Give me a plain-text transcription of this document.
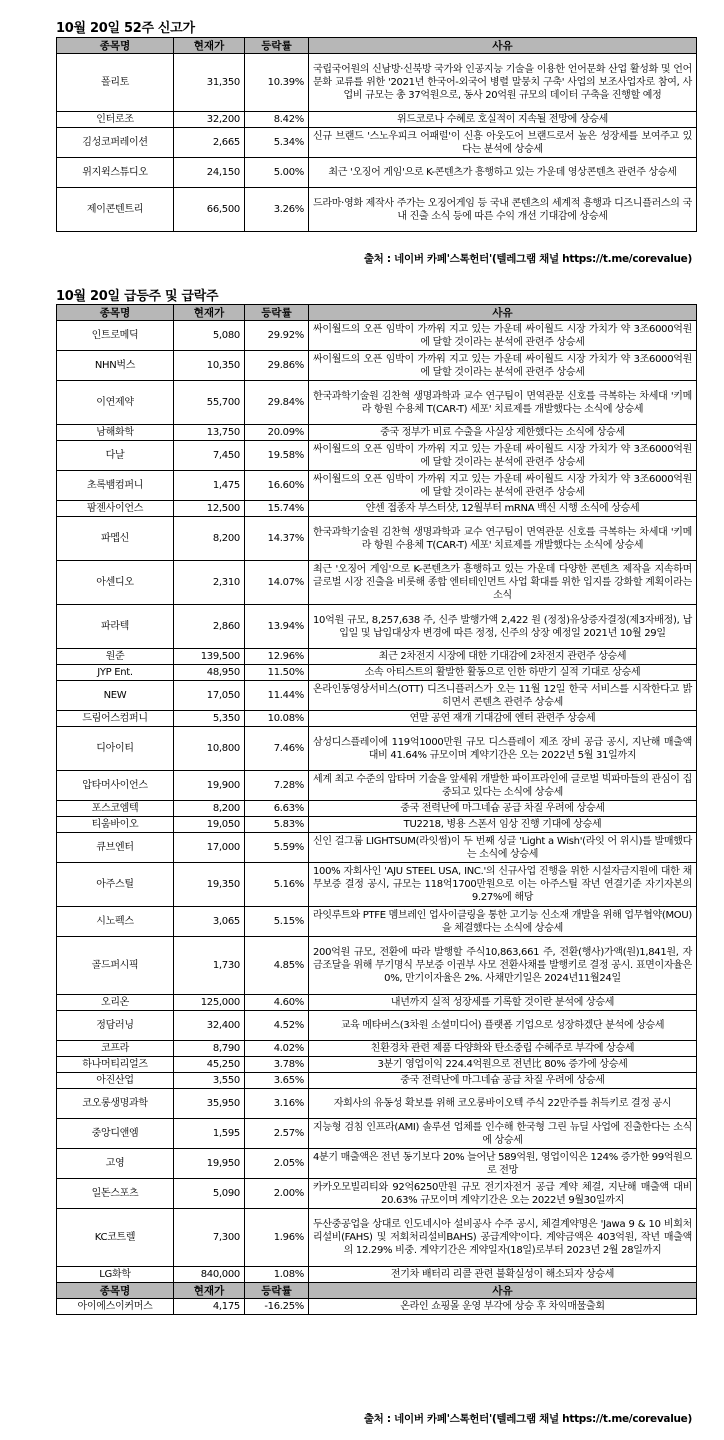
10월 20일 52주 신고가
종목명	현재가	등락률	사유
폴리토	31,350	10.39%	국립국어원의 신남방·신북방 국가와 인공지능 기술을 이용한 언어문화 산업 활성화 및 언어문화 교류를 위한 '2021년 한국어-외국어 병렬 말뭉치 구축' 사업의 보조사업자로 참여, 사업비 규모는 총 37억원으로, 동사 20억원 규모의 데이터 구축을 진행할 예정
인터로조	32,200	8.42%	위드코로나 수혜로 호실적이 지속될 전망에 상승세
김성코퍼레이션	2,665	5.34%	신규 브랜드 '스노우피크 어패럴'이 신흥 아웃도어 브랜드로서 높은 성장세를 보여주고 있다는 분석에 상승세
위지윅스튜디오	24,150	5.00%	최근 '오징어 게임'으로 K-콘텐츠가 흥행하고 있는 가운데 영상콘텐츠 관련주 상승세
제이콘텐트리	66,500	3.26%	드라마·영화 제작사 주가는 오징어게임 등 국내 콘텐츠의 세계적 흥행과 디즈니플러스의 국내 진출 소식 등에 따른 수익 개선 기대감에 상승세
출처 : 네이버 카페'스톡헌터'(텔레그램 채널 https://t.me/corevalue)
10월 20일 급등주 및 급락주
종목명	현재가	등락률	사유
인트로메딕	5,080	29.92%	싸이월드의 오픈 임박이 가까워 지고 있는 가운데 싸이월드 시장 가치가 약 3조6000억원에 달할 것이라는 분석에 관련주 상승세
NHN벅스	10,350	29.86%	싸이월드의 오픈 임박이 가까워 지고 있는 가운데 싸이월드 시장 가치가 약 3조6000억원에 달할 것이라는 분석에 관련주 상승세
이연제약	55,700	29.84%	한국과학기술원 김찬혁 생명과학과 교수 연구팀이 면역관문 신호를 극복하는 차세대 '키메라 항원 수용체 T(CAR-T) 세포' 치료제를 개발했다는 소식에 상승세
남해화학	13,750	20.09%	중국 정부가 비료 수출을 사실상 제한했다는 소식에 상승세
다날	7,450	19.58%	싸이월드의 오픈 임박이 가까워 지고 있는 가운데 싸이월드 시장 가치가 약 3조6000억원에 달할 것이라는 분석에 관련주 상승세
초록뱀컴퍼니	1,475	16.60%	싸이월드의 오픈 임박이 가까워 지고 있는 가운데 싸이월드 시장 가치가 약 3조6000억원에 달할 것이라는 분석에 관련주 상승세
팜젠사이언스	12,500	15.74%	얀센 접종자 부스터샷, 12월부터 mRNA 백신 시행 소식에 상승세
파멥신	8,200	14.37%	한국과학기술원 김찬혁 생명과학과 교수 연구팀이 면역관문 신호를 극복하는 차세대 '키메라 항원 수용체 T(CAR-T) 세포' 치료제를 개발했다는 소식에 상승세
아센디오	2,310	14.07%	최근 '오징어 게임'으로 K-콘텐츠가 흥행하고 있는 가운데 다양한 콘텐츠 제작을 지속하며 글로벌 시장 진출을 비롯해 종합 엔터테인먼트 사업 확대를 위한 입지를 강화할 계획이라는 소식
파라텍	2,860	13.94%	10억원 규모, 8,257,638 주, 신주 발행가액 2,422 원 (정정)유상증자결정(제3자배정), 납입일 및 납입대상자 변경에 따른 정정, 신주의 상장 예정일 2021년 10월 29일
원준	139,500	12.96%	최근 2차전지 시장에 대한 기대감에 2차전지 관련주 상승세
JYP Ent.	48,950	11.50%	소속 아티스트의 활발한 활동으로 인한 하반기 실적 기대로 상승세
NEW	17,050	11.44%	온라인동영상서비스(OTT) 디즈니플러스가 오는 11월 12일 한국 서비스를 시작한다고 밝히면서 콘텐츠 관련주 상승세
드림어스컴퍼니	5,350	10.08%	연말 공연 재개 기대감에 엔터 관련주 상승세
디아이티	10,800	7.46%	삼성디스플레이에 119억1000만원 규모 디스플레이 제조 장비 공급 공시, 지난해 매출액 대비 41.64% 규모이며 계약기간은 오는 2022년 5월 31일까지
압타머사이언스	19,900	7.28%	세계 최고 수준의 압타머 기술을 앞세워 개발한 파이프라인에 글로벌 빅파마들의 관심이 집중되고 있다는 소식에 상승세
포스코엠텍	8,200	6.63%	중국 전력난에 마그네슘 공급 차질 우려에 상승세
티움바이오	19,050	5.83%	TU2218, 병용 스폰서 임상 진행 기대에 상승세
큐브엔터	17,000	5.59%	신인 걸그룹 LIGHTSUM(라잇썸)이 두 번째 싱글 'Light a Wish'(라잇 어 위시)를 발매했다는 소식에 상승세
아주스틸	19,350	5.16%	100% 자회사인 'AJU STEEL USA, INC.'의 신규사업 진행을 위한 시설자금지원에 대한 채무보증 결정 공시, 규모는 118억1700만원으로 이는 아주스틸 작년 연결기준 자기자본의 9.27%에 해당
시노펙스	3,065	5.15%	라잇루트와 PTFE 멤브레인 업사이클링을 통한 고기능 신소재 개발을 위해 업무협약(MOU)을 체결했다는 소식에 상승세
골드퍼시픽	1,730	4.85%	200억원 규모, 전환에 따라 발행할 주식10,863,661 주, 전환(행사)가액(원)1,841원, 자금조달을 위해 무기명식 무보증 이권부 사모 전환사채를 발행키로 결정 공시. 표면이자율은 0%, 만기이자율은 2%. 사채만기일은 2024년11월24일
오리온	125,000	4.60%	내년까지 실적 성장세를 기록할 것이란 분석에 상승세
정담러닝	32,400	4.52%	교육 메타버스(3차원 소셜미디어) 플랫폼 기업으로 성장하겠단 분석에 상승세
코프라	8,790	4.02%	친환경차 관련 제품 다양화와 탄소중립 수혜주로 부각에 상승세
하나머티리얼즈	45,250	3.78%	3분기 영업이익 224.4억원으로 전년比 80% 증가에 상승세
아진산업	3,550	3.65%	중국 전력난에 마그네슘 공급 차질 우려에 상승세
코오롱생명과학	35,950	3.16%	자회사의 유동성 확보를 위해 코오롱바이오텍 주식 22만주를 취득키로 결정 공시
중앙디앤엠	1,595	2.57%	지능형 검침 인프라(AMI) 솔루션 업체를 인수해 한국형 그린 뉴딜 사업에 진출한다는 소식에 상승세
고영	19,950	2.05%	4분기 매출액은 전년 동기보다 20% 늘어난 589억원, 영업이익은 124% 증가한 99억원으로 전망
일돈스포츠	5,090	2.00%	카카오모빌리티와 92억6250만원 규모 전기자전거 공급 계약 체결, 지난해 매출액 대비 20.63% 규모이며 계약기간은 오는 2022년 9월30일까지
KC코트렐	7,300	1.96%	두산중공업을 상대로 인도네시아 설비공사 수주 공시, 체결계약명은 'Jawa 9 & 10 비회처리설비(FAHS) 및 저회처리설비BAHS) 공급계약'이다. 계약금액은 403억원, 작년 매출액의 12.29% 비중. 계약기간은 계약일자(18일)로부터 2023년 2월 28일까지
LG화학	840,000	1.08%	전기차 배터리 리콜 관련 불확실성이 해소되자 상승세
종목명	현재가	등락률	사유
아이에스이커머스	4,175	-16.25%	온라인 쇼핑몰 운영 부각에 상승 후 차익매물출회
출처 : 네이버 카페'스톡헌터'(텔레그램 채널 https://t.me/corevalue)
